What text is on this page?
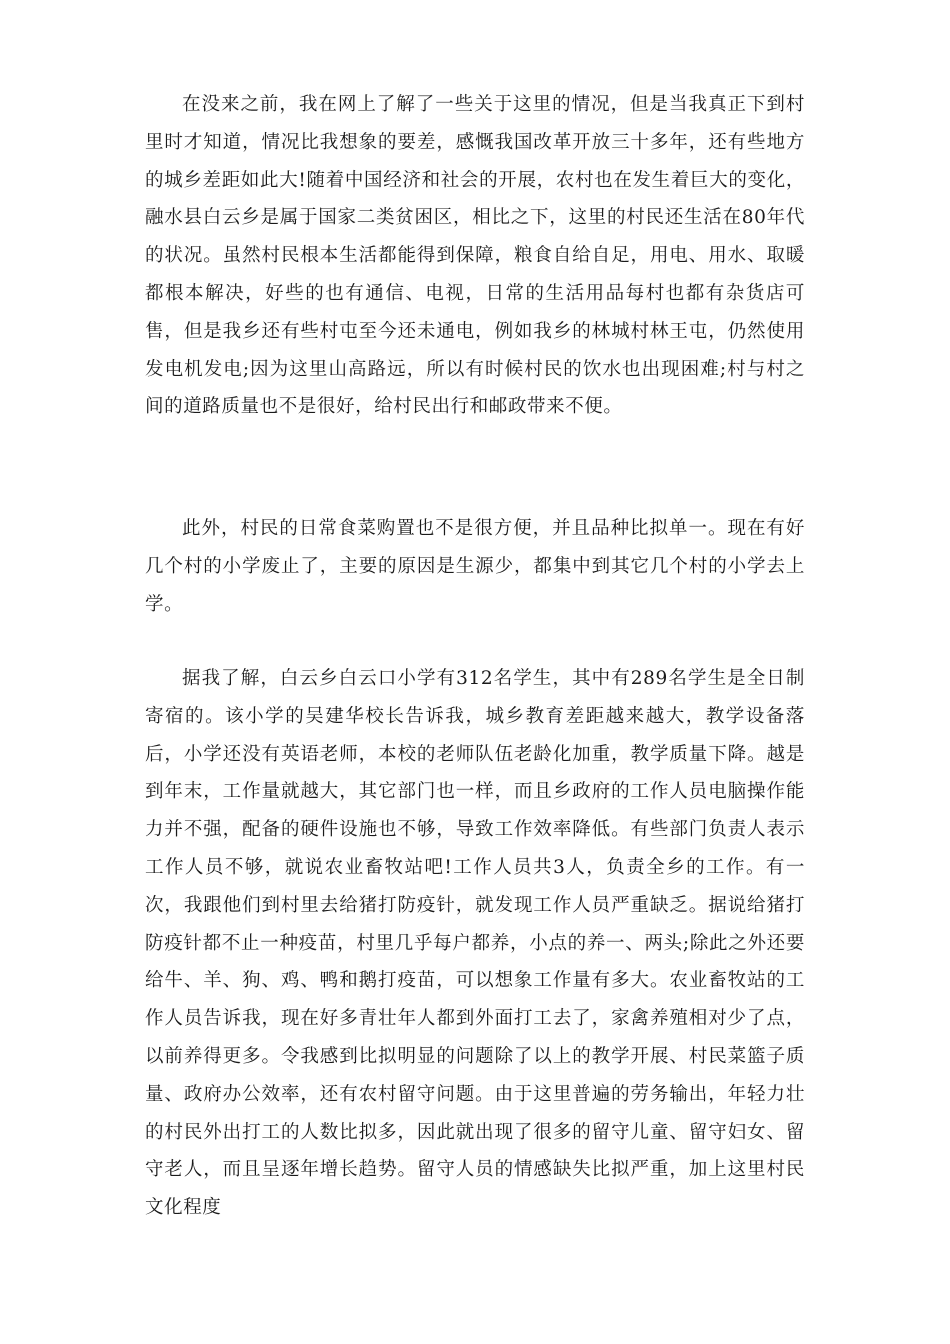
在没来之前，我在网上了解了一些关于这里的情况，但是当我真正下到村里时才知道，情况比我想象的要差，感慨我国改革开放三十多年，还有些地方的城乡差距如此大!随着中国经济和社会的开展，农村也在发生着巨大的变化，融水县白云乡是属于国家二类贫困区，相比之下，这里的村民还生活在80年代的状况。虽然村民根本生活都能得到保障，粮食自给自足，用电、用水、取暖都根本解决，好些的也有通信、电视，日常的生活用品每村也都有杂货店可售，但是我乡还有些村屯至今还未通电，例如我乡的林城村林王屯，仍然使用发电机发电;因为这里山高路远，所以有时候村民的饮水也出现困难;村与村之间的道路质量也不是很好，给村民出行和邮政带来不便。

此外，村民的日常食菜购置也不是很方便，并且品种比拟单一。现在有好几个村的小学废止了，主要的原因是生源少，都集中到其它几个村的小学去上学。

据我了解，白云乡白云口小学有312名学生，其中有289名学生是全日制寄宿的。该小学的吴建华校长告诉我，城乡教育差距越来越大，教学设备落后，小学还没有英语老师，本校的老师队伍老龄化加重，教学质量下降。越是到年末，工作量就越大，其它部门也一样，而且乡政府的工作人员电脑操作能力并不强，配备的硬件设施也不够，导致工作效率降低。有些部门负责人表示工作人员不够，就说农业畜牧站吧!工作人员共3人，负责全乡的工作。有一次，我跟他们到村里去给猪打防疫针，就发现工作人员严重缺乏。据说给猪打防疫针都不止一种疫苗，村里几乎每户都养，小点的养一、两头;除此之外还要给牛、羊、狗、鸡、鸭和鹅打疫苗，可以想象工作量有多大。农业畜牧站的工作人员告诉我，现在好多青壮年人都到外面打工去了，家禽养殖相对少了点，以前养得更多。令我感到比拟明显的问题除了以上的教学开展、村民菜篮子质量、政府办公效率，还有农村留守问题。由于这里普遍的劳务输出，年轻力壮的村民外出打工的人数比拟多，因此就出现了很多的留守儿童、留守妇女、留守老人，而且呈逐年增长趋势。留守人员的情感缺失比拟严重，加上这里村民文化程度
